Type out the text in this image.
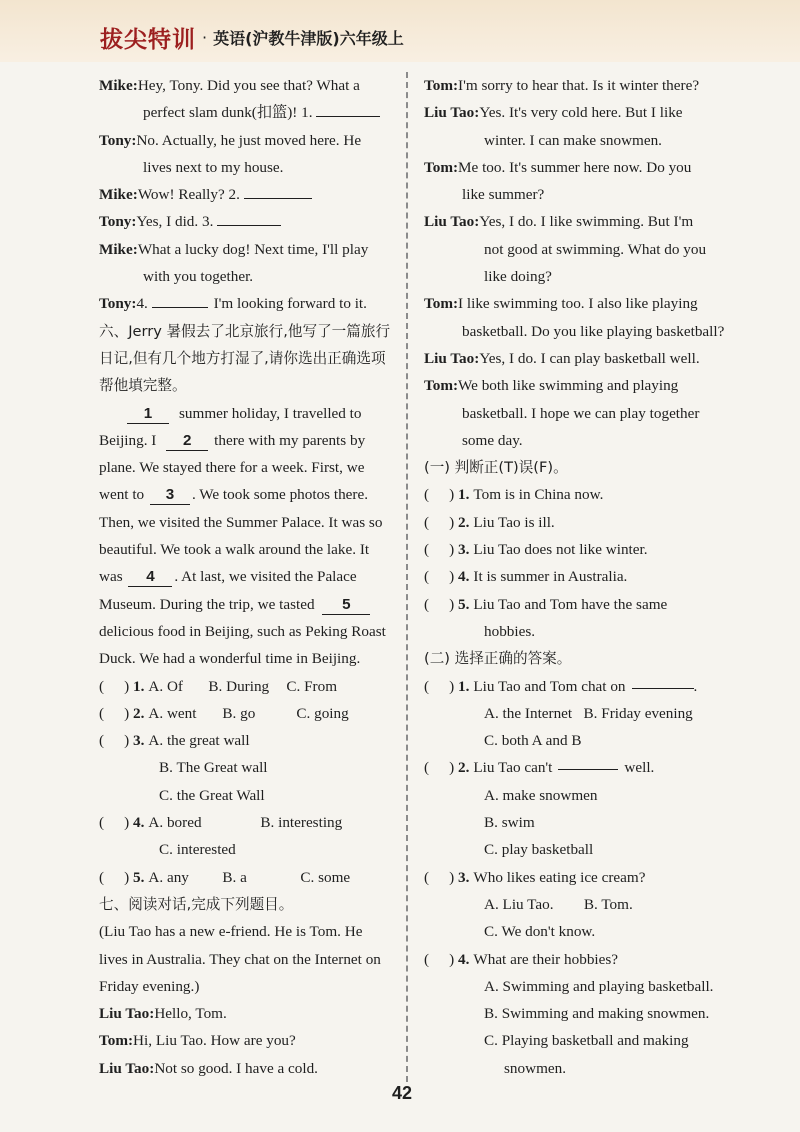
拔尖特训 · 英语(沪教牛津版)六年级上
Mike:Hey, Tony. Did you see that? What a
perfect slam dunk(扣篮)! 1.
Tony:No. Actually, he just moved here. He
lives next to my house.
Mike:Wow! Really? 2.
Tony:Yes, I did. 3.
Mike:What a lucky dog! Next time, I'll play
with you together.
Tony:4.	I'm looking forward to it.
六、Jerry 暑假去了北京旅行,他写了一篇旅行
日记,但有几个地方打湿了,请你选出正确选项
帮他填完整。
1 summer holiday, I travelled to
Beijing. I 2 there with my parents by
plane. We stayed there for a week. First, we
went to 3 . We took some photos there.
Then, we visited the Summer Palace. It was so
beautiful. We took a walk around the lake. It
was 4 . At last, we visited the Palace
Museum. During the trip, we tasted 5
delicious food in Beijing, such as Peking Roast
Duck. We had a wonderful time in Beijing.
( ) 1. A. Of	B. During	C. From
( ) 2. A. went	B. go	C. going
( ) 3. A. the great wall
B. The Great wall
C. the Great Wall
( ) 4. A. bored	B. interesting
C. interested
( ) 5. A. any	B. a	C. some
七、阅读对话,完成下列题目。
(Liu Tao has a new e-friend. He is Tom. He
lives in Australia. They chat on the Internet on
Friday evening.)
Liu Tao:Hello, Tom.
Tom:Hi, Liu Tao. How are you?
Liu Tao:Not so good. I have a cold.
Tom:I'm sorry to hear that. Is it winter there?
Liu Tao:Yes. It's very cold here. But I like
winter. I can make snowmen.
Tom:Me too. It's summer here now. Do you
like summer?
Liu Tao:Yes, I do. I like swimming. But I'm
not good at swimming. What do you
like doing?
Tom:I like swimming too. I also like playing
basketball. Do you like playing basketball?
Liu Tao:Yes, I do. I can play basketball well.
Tom:We both like swimming and playing
basketball. I hope we can play together
some day.
(一) 判断正(T)误(F)。
( ) 1. Tom is in China now.
( ) 2. Liu Tao is ill.
( ) 3. Liu Tao does not like winter.
( ) 4. It is summer in Australia.
( ) 5. Liu Tao and Tom have the same
hobbies.
(二) 选择正确的答案。
( ) 1. Liu Tao and Tom chat on	.
A. the Internet   B. Friday evening
C. both A and B
( ) 2. Liu Tao can't	well.
A. make snowmen
B. swim
C. play basketball
( ) 3. Who likes eating ice cream?
A. Liu Tao.        B. Tom.
C. We don't know.
( ) 4. What are their hobbies?
A. Swimming and playing basketball.
B. Swimming and making snowmen.
C. Playing basketball and making
snowmen.
42
